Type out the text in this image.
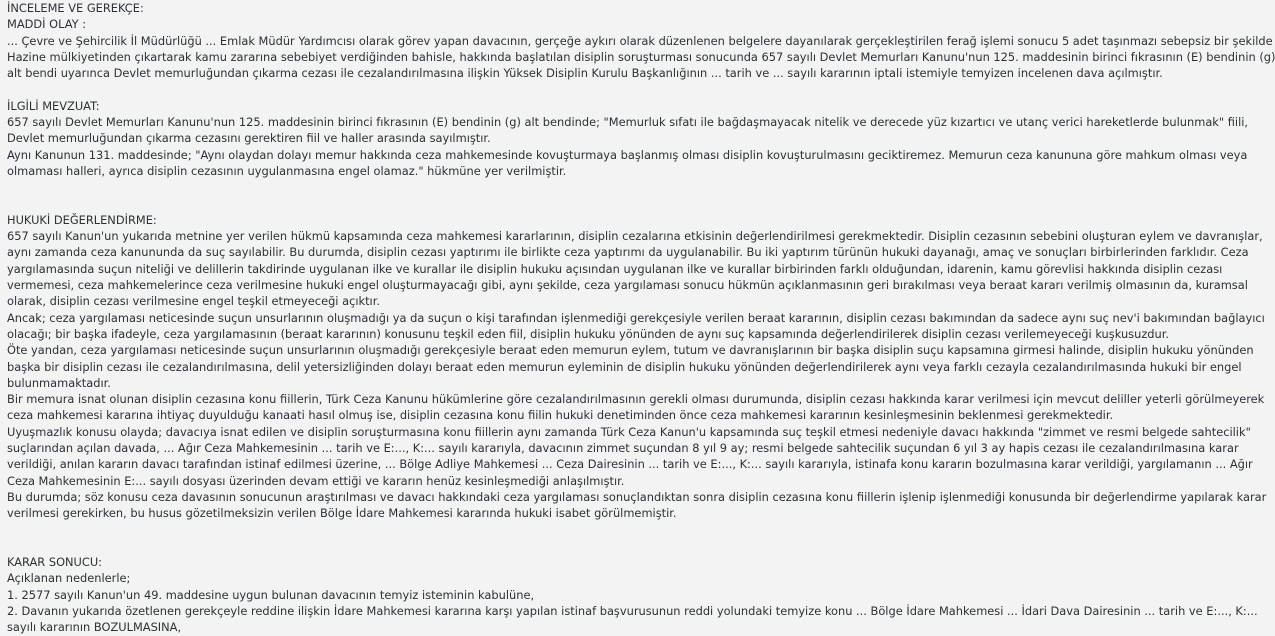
İNCELEME VE GEREKÇE:
MADDİ OLAY :
... Çevre ve Şehircilik İl Müdürlüğü ... Emlak Müdür Yardımcısı olarak görev yapan davacının, gerçeğe aykırı olarak düzenlenen belgelere dayanılarak gerçekleştirilen ferağ işlemi sonucu 5 adet taşınmazı sebepsiz bir şekilde
Hazine mülkiyetinden çıkartarak kamu zararına sebebiyet verdiğinden bahisle, hakkında başlatılan disiplin soruşturması sonucunda 657 sayılı Devlet Memurları Kanunu'nun 125. maddesinin birinci fıkrasının (E) bendinin (g)
alt bendi uyarınca Devlet memurluğundan çıkarma cezası ile cezalandırılmasına ilişkin Yüksek Disiplin Kurulu Başkanlığının ... tarih ve ... sayılı kararının iptali istemiyle temyizen incelenen dava açılmıştır.
İLGİLİ MEVZUAT:
657 sayılı Devlet Memurları Kanunu'nun 125. maddesinin birinci fıkrasının (E) bendinin (g) alt bendinde; "Memurluk sıfatı ile bağdaşmayacak nitelik ve derecede yüz kızartıcı ve utanç verici hareketlerde bulunmak" fiili,
Devlet memurluğundan çıkarma cezasını gerektiren fiil ve haller arasında sayılmıştır.
Aynı Kanunun 131. maddesinde; "Aynı olaydan dolayı memur hakkında ceza mahkemesinde kovuşturmaya başlanmış olması disiplin kovuşturulmasını geciktiremez. Memurun ceza kanununa göre mahkum olması veya
olmaması halleri, ayrıca disiplin cezasının uygulanmasına engel olamaz." hükmüne yer verilmiştir.
HUKUKİ DEĞERLENDİRME:
657 sayılı Kanun'un yukarıda metnine yer verilen hükmü kapsamında ceza mahkemesi kararlarının, disiplin cezalarına etkisinin değerlendirilmesi gerekmektedir. Disiplin cezasının sebebini oluşturan eylem ve davranışlar,
aynı zamanda ceza kanununda da suç sayılabilir. Bu durumda, disiplin cezası yaptırımı ile birlikte ceza yaptırımı da uygulanabilir. Bu iki yaptırım türünün hukuki dayanağı, amaç ve sonuçları birbirlerinden farklıdır. Ceza
yargılamasında suçun niteliği ve delillerin takdirinde uygulanan ilke ve kurallar ile disiplin hukuku açısından uygulanan ilke ve kurallar birbirinden farklı olduğundan, idarenin, kamu görevlisi hakkında disiplin cezası
vermemesi, ceza mahkemelerince ceza verilmesine hukuki engel oluşturmayacağı gibi, aynı şekilde, ceza yargılaması sonucu hükmün açıklanmasının geri bırakılması veya beraat kararı verilmiş olmasının da, kuramsal
olarak, disiplin cezası verilmesine engel teşkil etmeyeceği açıktır.
Ancak; ceza yargılaması neticesinde suçun unsurlarının oluşmadığı ya da suçun o kişi tarafından işlenmediği gerekçesiyle verilen beraat kararının, disiplin cezası bakımından da sadece aynı suç nev'i bakımından bağlayıcı
olacağı; bir başka ifadeyle, ceza yargılamasının (beraat kararının) konusunu teşkil eden fiil, disiplin hukuku yönünden de aynı suç kapsamında değerlendirilerek disiplin cezası verilemeyeceği kuşkusuzdur.
Öte yandan, ceza yargılaması neticesinde suçun unsurlarının oluşmadığı gerekçesiyle beraat eden memurun eylem, tutum ve davranışlarının bir başka disiplin suçu kapsamına girmesi halinde, disiplin hukuku yönünden
başka bir disiplin cezası ile cezalandırılmasına, delil yetersizliğinden dolayı beraat eden memurun eyleminin de disiplin hukuku yönünden değerlendirilerek aynı veya farklı cezayla cezalandırılmasında hukuki bir engel
bulunmamaktadır.
Bir memura isnat olunan disiplin cezasına konu fiillerin, Türk Ceza Kanunu hükümlerine göre cezalandırılmasının gerekli olması durumunda, disiplin cezası hakkında karar verilmesi için mevcut deliller yeterli görülmeyerek
ceza mahkemesi kararına ihtiyaç duyulduğu kanaati hasıl olmuş ise, disiplin cezasına konu fiilin hukuki denetiminden önce ceza mahkemesi kararının kesinleşmesinin beklenmesi gerekmektedir.
Uyuşmazlık konusu olayda; davacıya isnat edilen ve disiplin soruşturmasına konu fiillerin aynı zamanda Türk Ceza Kanun'u kapsamında suç teşkil etmesi nedeniyle davacı hakkında "zimmet ve resmi belgede sahtecilik"
suçlarından açılan davada, ... Ağır Ceza Mahkemesinin ... tarih ve E:..., K:... sayılı kararıyla, davacının zimmet suçundan 8 yıl 9 ay; resmi belgede sahtecilik suçundan 6 yıl 3 ay hapis cezası ile cezalandırılmasına karar
verildiği, anılan kararın davacı tarafından istinaf edilmesi üzerine, ... Bölge Adliye Mahkemesi ... Ceza Dairesinin ... tarih ve E:..., K:... sayılı kararıyla, istinafa konu kararın bozulmasına karar verildiği, yargılamanın ... Ağır
Ceza Mahkemesinin E:... sayılı dosyası üzerinden devam ettiği ve kararın henüz kesinleşmediği anlaşılmıştır.
Bu durumda; söz konusu ceza davasının sonucunun araştırılması ve davacı hakkındaki ceza yargılaması sonuçlandıktan sonra disiplin cezasına konu fiillerin işlenip işlenmediği konusunda bir değerlendirme yapılarak karar
verilmesi gerekirken, bu husus gözetilmeksizin verilen Bölge İdare Mahkemesi kararında hukuki isabet görülmemiştir.
KARAR SONUCU:
Açıklanan nedenlerle;
1. 2577 sayılı Kanun'un 49. maddesine uygun bulunan davacının temyiz isteminin kabulüne,
2. Davanın yukarıda özetlenen gerekçeyle reddine ilişkin İdare Mahkemesi kararına karşı yapılan istinaf başvurusunun reddi yolundaki temyize konu ... Bölge İdare Mahkemesi ... İdari Dava Dairesinin ... tarih ve E:..., K:...
sayılı kararının BOZULMASINA,
